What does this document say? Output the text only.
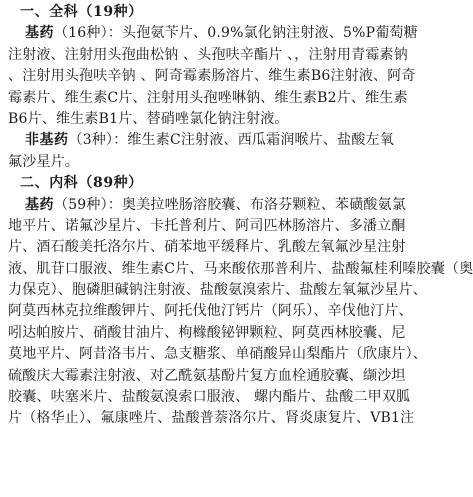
一、全科（19种）
基药（16种）：头孢氨苄片、0.9%氯化钠注射液、5%P葡萄糖
注射液、注射用头孢曲松钠 、头孢呋辛酯片 、，注射用青霉素钠
、注射用头孢呋辛钠 、阿奇霉素肠溶片、维生素B6注射液、阿奇
霉素片、维生素C片、注射用头孢唑啉钠、维生素B2片、维生素
B6片、维生素B1片、替硝唑氯化钠注射液。
非基药（3种）：维生素C注射液、西瓜霜润喉片、盐酸左氧
氟沙星片。
二、内科（89种）
基药（59种）：奥美拉唑肠溶胶囊、布洛芬颗粒、苯磺酸氨氯
地平片、诺氟沙星片、卡托普利片、阿司匹林肠溶片、多潘立酮
片、酒石酸美托洛尔片、硝苯地平缓释片、乳酸左氧氟沙星注射
液、肌苷口服液、维生素C片、马来酸依那普利片、盐酸氟桂利嗪胶囊（奥
力保克）、胞磷胆碱钠注射液、盐酸氨溴索片、盐酸左氧氟沙星片、
阿莫西林克拉维酸钾片、阿托伐他汀钙片（阿乐）、辛伐他汀片、
吲达帕胺片、硝酸甘油片、枸橼酸铋钾颗粒、阿莫西林胶囊、尼
莫地平片、阿昔洛韦片、急支糖浆、单硝酸异山梨酯片（欣康片）、
硫酸庆大霉素注射液、对乙酰氨基酚片复方血栓通胶囊、缬沙坦
胶囊、呋塞米片、盐酸氨溴索口服液、 螺内酯片、盐酸二甲双胍
片（格华止）、氟康唑片、盐酸普萘洛尔片、肾炎康复片、VB1注
